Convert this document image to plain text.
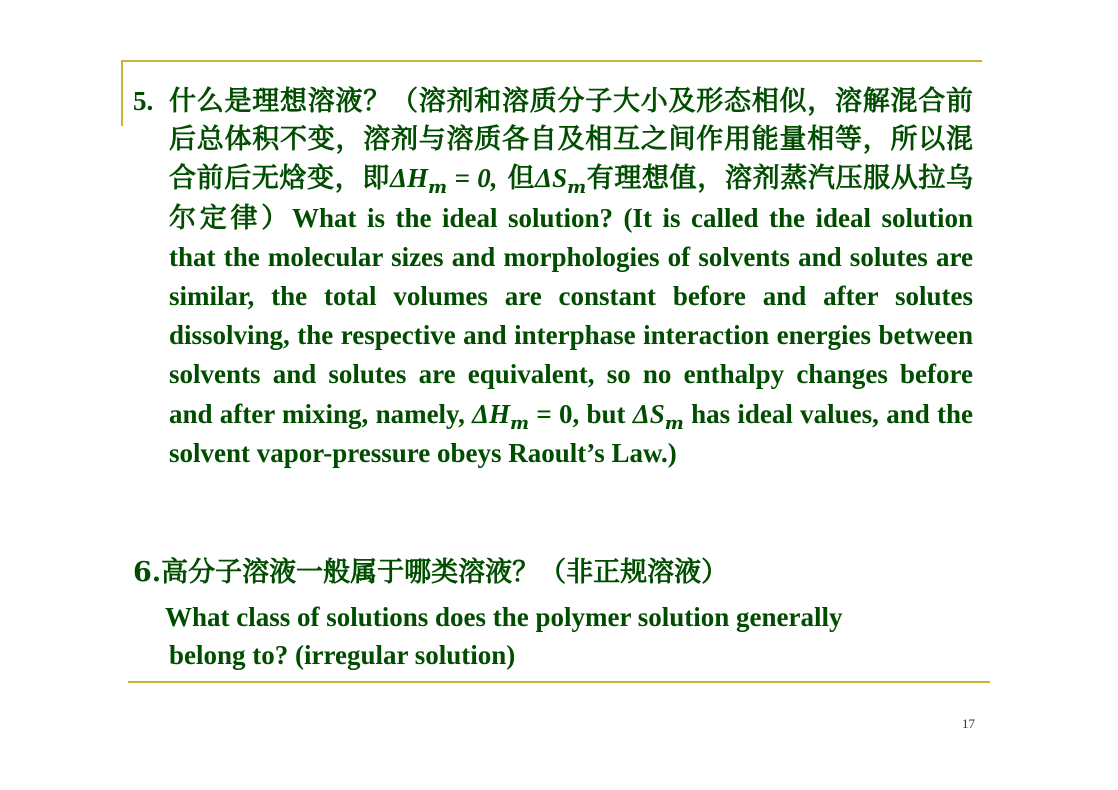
5. 什么是理想溶液？（溶剂和溶质分子大小及形态相似，溶解混合前后总体积不变，溶剂与溶质各自及相互之间作用能量相等，所以混合前后无焓变，即$\Delta H_m = 0$, 但$\Delta S_m$有理想值，溶剂蒸汽压服从拉乌尔定律）What is the ideal solution? (It is called the ideal solution that the molecular sizes and morphologies of solvents and solutes are similar, the total volumes are constant before and after solutes dissolving, the respective and interphase interaction energies between solvents and solutes are equivalent, so no enthalpy changes before and after mixing, namely, $\Delta H_m = 0$, but $\Delta S_m$ has ideal values, and the solvent vapor-pressure obeys Raoult’s Law.)
6.高分子溶液一般属于哪类溶液？（非正规溶液）
What class of solutions does the polymer solution generally
belong to? (irregular solution)
17
